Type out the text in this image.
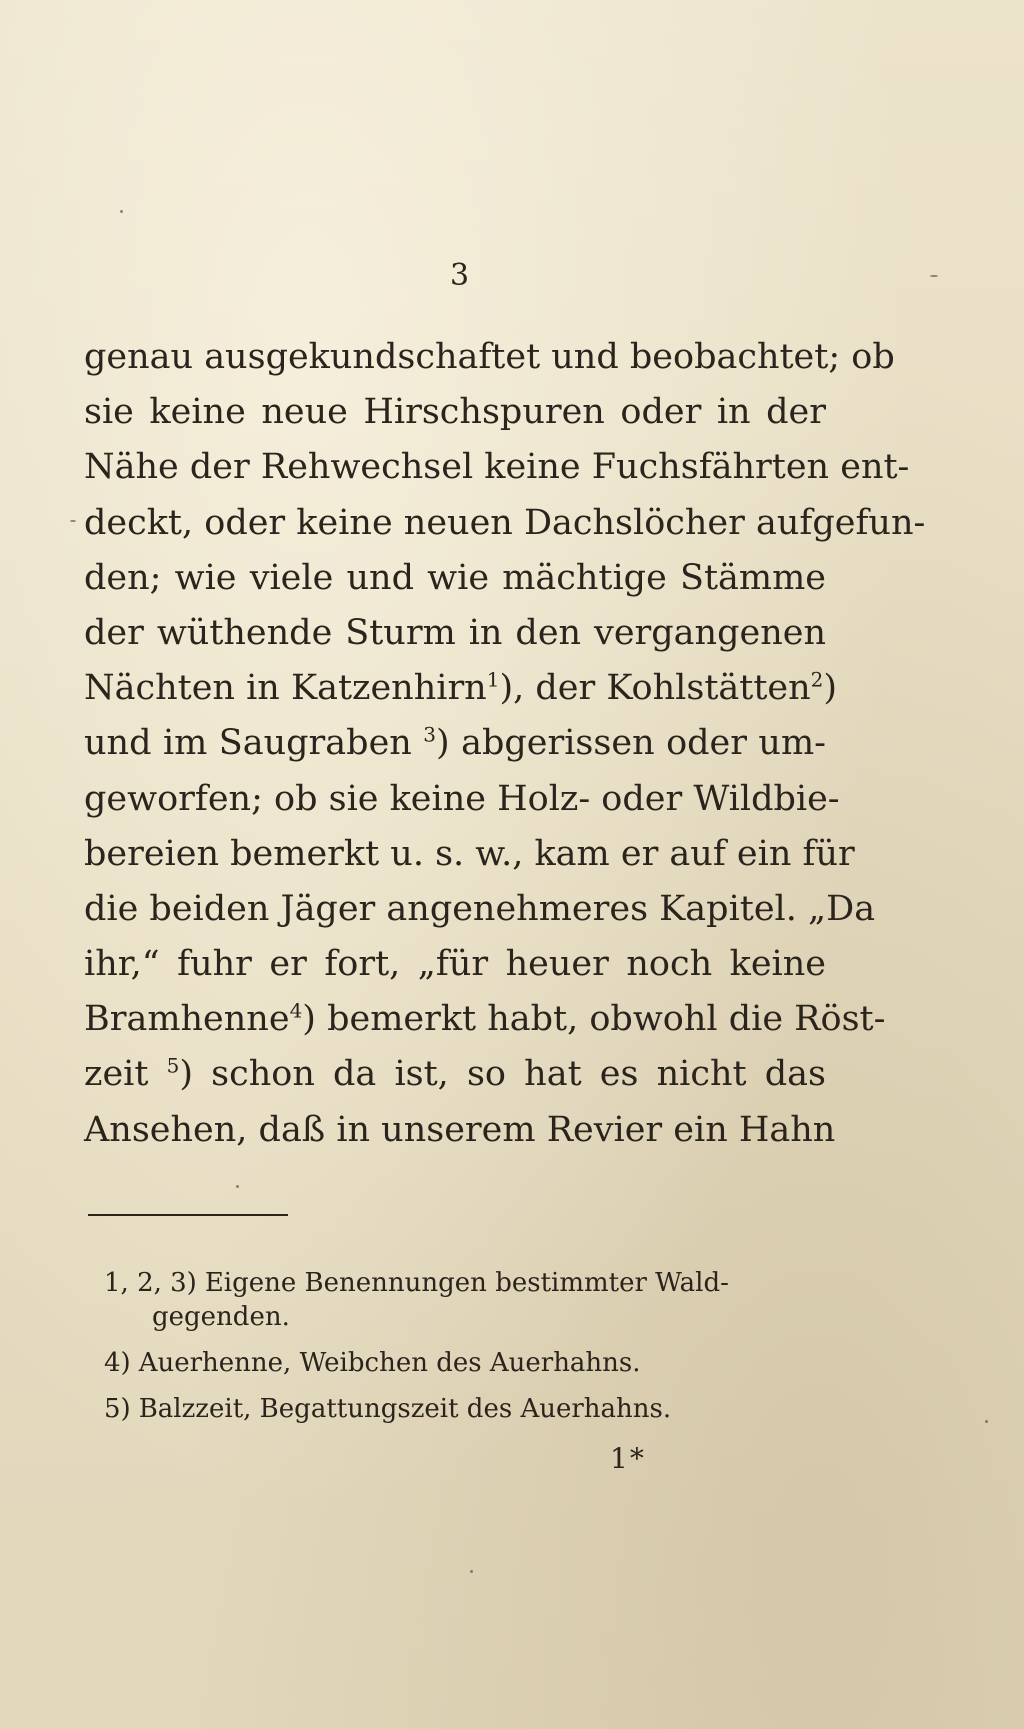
3
genau ausgekundschaftet und beobachtet; ob
sie keine neue Hirschspuren oder in der
Nähe der Rehwechsel keine Fuchsfährten ent-
deckt, oder keine neuen Dachslöcher aufgefun-
den; wie viele und wie mächtige Stämme
der wüthende Sturm in den vergangenen
Nächten in Katzenhirn$^1$), der Kohlstätten$^2$)
und im Saugraben $^3$) abgerissen oder um-
geworfen; ob sie keine Holz- oder Wildbie-
bereien bemerkt u. s. w., kam er auf ein für
die beiden Jäger angenehmeres Kapitel. „Da
ihr,“ fuhr er fort, „für heuer noch keine
Bramhenne$^4$) bemerkt habt, obwohl die Röst-
zeit $^5$) schon da ist, so hat es nicht das
Ansehen, daß in unserem Revier ein Hahn
1, 2, 3) Eigene Benennungen bestimmter Wald-
gegenden.
4) Auerhenne, Weibchen des Auerhahns.
5) Balzzeit, Begattungszeit des Auerhahns.
1*
